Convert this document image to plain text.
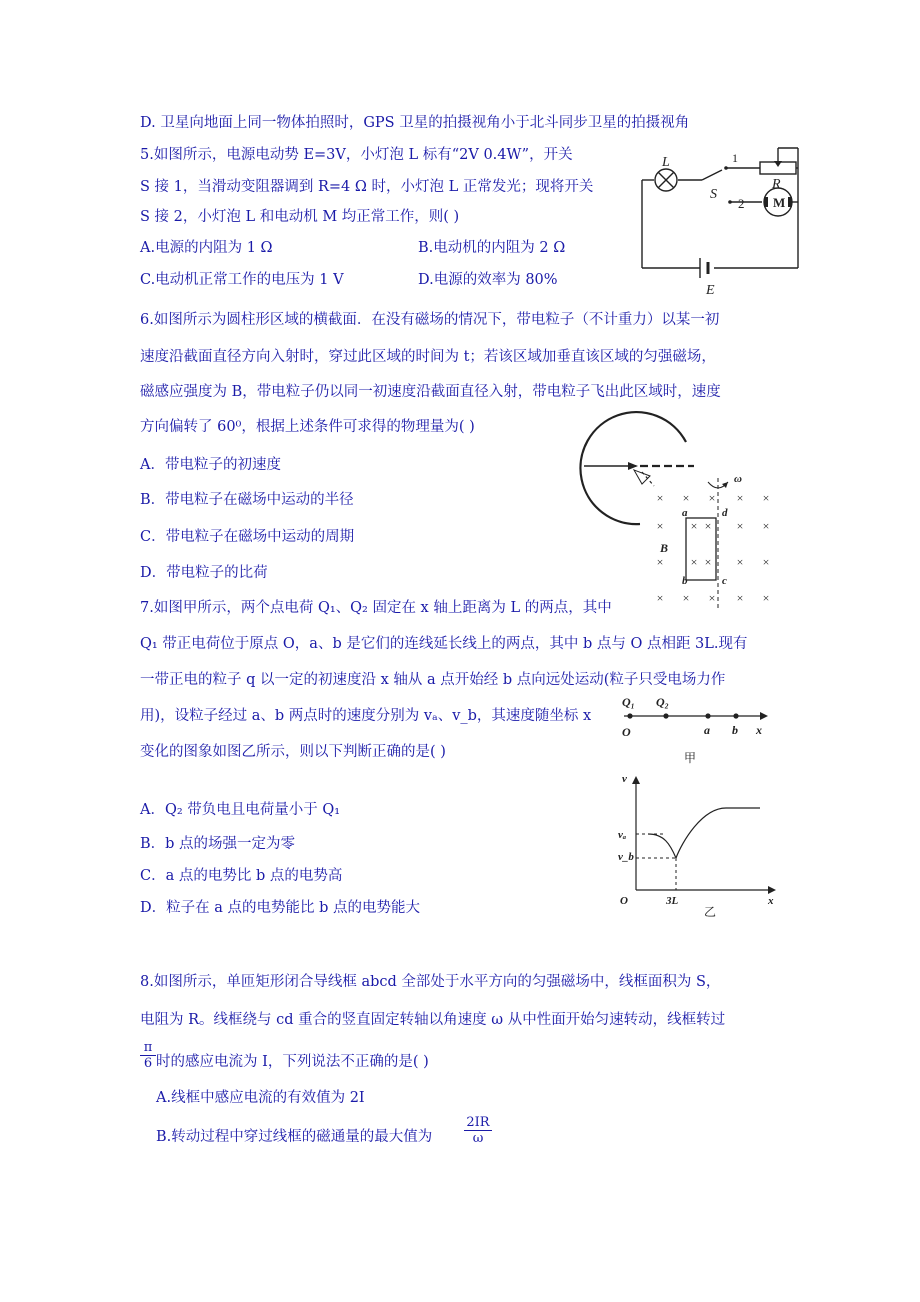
D. 卫星向地面上同一物体拍照时，GPS 卫星的拍摄视角小于北斗同步卫星的拍摄视角
5.如图所示，电源电动势 E=3V，小灯泡 L 标有“2V 0.4W”，开关
S 接 1，当滑动变阻器调到 R=4 Ω 时，小灯泡 L 正常发光；现将开关
S 接 2，小灯泡 L 和电动机 M 均正常工作，则( )
A.电源的内阻为 1 Ω	B.电动机的内阻为 2 Ω
C.电动机正常工作的电压为 1 V	D.电源的效率为 80%
6.如图所示为圆柱形区域的横截面．在没有磁场的情况下，带电粒子（不计重力）以某一初
速度沿截面直径方向入射时，穿过此区域的时间为 t；若该区域加垂直该区域的匀强磁场，
磁感应强度为 B，带电粒子仍以同一初速度沿截面直径入射，带电粒子飞出此区域时，速度
方向偏转了 60⁰，根据上述条件可求得的物理量为( )
A．带电粒子的初速度
B．带电粒子在磁场中运动的半径
C．带电粒子在磁场中运动的周期
D．带电粒子的比荷
7.如图甲所示，两个点电荷 Q₁、Q₂ 固定在 x 轴上距离为 L 的两点，其中
Q₁ 带正电荷位于原点 O，a、b 是它们的连线延长线上的两点，其中 b 点与 O 点相距 3L.现有
一带正电的粒子 q 以一定的初速度沿 x 轴从 a 点开始经 b 点向远处运动(粒子只受电场力作
用)，设粒子经过 a、b 两点时的速度分别为 vₐ、v_b，其速度随坐标 x
变化的图象如图乙所示，则以下判断正确的是( )
A．Q₂ 带负电且电荷量小于 Q₁
B．b 点的场强一定为零
C．a 点的电势比 b 点的电势高
D．粒子在 a 点的电势能比 b 点的电势能大
8.如图所示，单匝矩形闭合导线框 abcd 全部处于水平方向的匀强磁场中，线框面积为 S，
电阻为 R。线框绕与 cd 重合的竖直固定转轴以角速度 ω 从中性面开始匀速转动，线框转过
$\frac{\pi}{6}$ 时的感应电流为 I，下列说法不正确的是( )
A.线框中感应电流的有效值为 2I
B.转动过程中穿过线框的磁通量的最大值为 $\frac{2IR}{\omega}$
L	1
2
S
R
M
E
× × × × ×
×	× ×
×	× ×
× × × × ×
× ×
× ×
ω
a	d
b	c
B
Q₁ Q₂
O	a b x
甲
v
vₐ
v_b
O	3L	x
乙
